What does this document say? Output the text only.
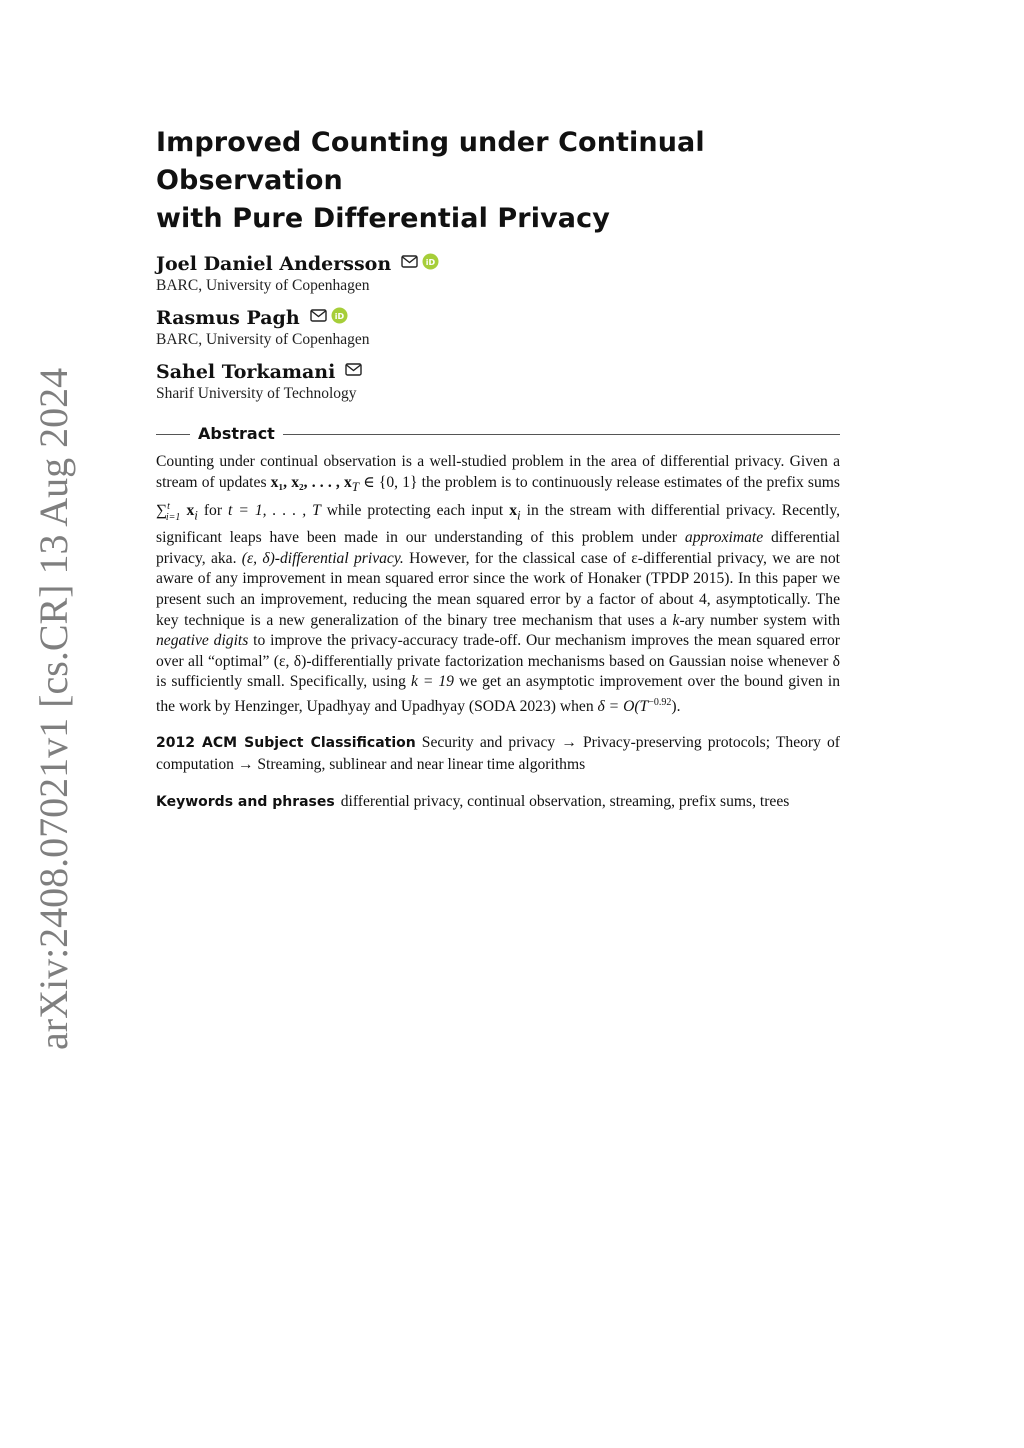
arXiv:2408.07021v1 [cs.CR] 13 Aug 2024
Improved Counting under Continual Observation
with Pure Differential Privacy
Joel Daniel Andersson	iD
BARC, University of Copenhagen
Rasmus Pagh	iD
BARC, University of Copenhagen
Sahel Torkamani
Sharif University of Technology
Abstract

Counting under continual observation is a well-studied problem in the area of differential privacy. Given a stream of updates x₁, x₂, . . . , $x_T$ ∈ {0, 1} the problem is to continuously release estimates of the prefix sums ∑$^t_{i=1}$ $x_i$ for t = 1, . . . , T while protecting each input $x_i$ in the stream with differential privacy. Recently, significant leaps have been made in our understanding of this problem under approximate differential privacy, aka. (ε, δ)-differential privacy. However, for the classical case of ε-differential privacy, we are not aware of any improvement in mean squared error since the work of Honaker (TPDP 2015). In this paper we present such an improvement, reducing the mean squared error by a factor of about 4, asymptotically. The key technique is a new generalization of the binary tree mechanism that uses a k-ary number system with negative digits to improve the privacy-accuracy trade-off. Our mechanism improves the mean squared error over all “optimal” (ε, δ)-differentially private factorization mechanisms based on Gaussian noise whenever δ is sufficiently small. Specifically, using k = 19 we get an asymptotic improvement over the bound given in the work by Henzinger, Upadhyay and Upadhyay (SODA 2023) when $\delta = O(T^{-0.92})$.

2012 ACM Subject Classification Security and privacy → Privacy-preserving protocols; Theory of computation → Streaming, sublinear and near linear time algorithms
Keywords and phrases differential privacy, continual observation, streaming, prefix sums, trees
